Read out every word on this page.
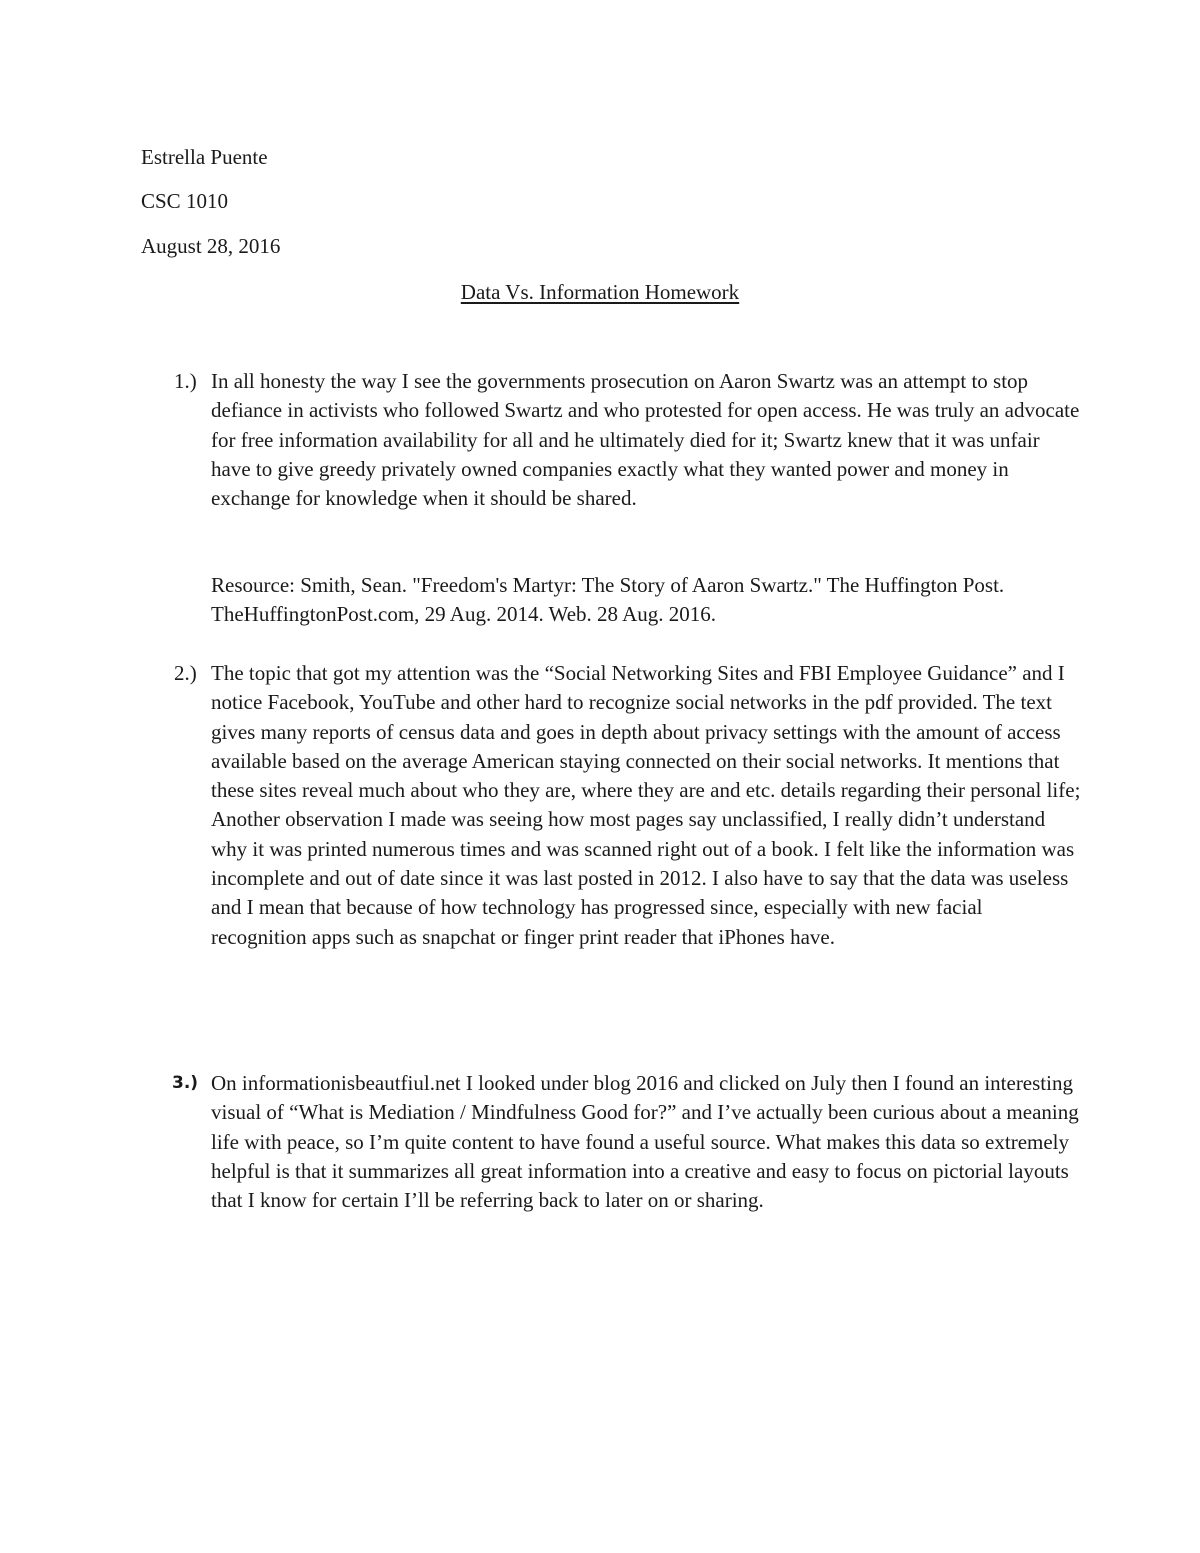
Estrella Puente
CSC 1010
August 28, 2016
Data Vs. Information Homework
1.) In all honesty the way I see the governments prosecution on Aaron Swartz was an attempt to stop defiance in activists who followed Swartz and who protested for open access. He was truly an advocate for free information availability for all and he ultimately died for it; Swartz knew that it was unfair have to give greedy privately owned companies exactly what they wanted power and money in exchange for knowledge when it should be shared.

Resource: Smith, Sean. "Freedom's Martyr: The Story of Aaron Swartz." The Huffington Post. TheHuffingtonPost.com, 29 Aug. 2014. Web. 28 Aug. 2016.

2.) The topic that got my attention was the “Social Networking Sites and FBI Employee Guidance” and I notice Facebook, YouTube and other hard to recognize social networks in the pdf provided. The text gives many reports of census data and goes in depth about privacy settings with the amount of access available based on the average American staying connected on their social networks. It mentions that these sites reveal much about who they are, where they are and etc. details regarding their personal life; Another observation I made was seeing how most pages say unclassified, I really didn’t understand why it was printed numerous times and was scanned right out of a book. I felt like the information was incomplete and out of date since it was last posted in 2012. I also have to say that the data was useless and I mean that because of how technology has progressed since, especially with new facial recognition apps such as snapchat or finger print reader that iPhones have.

3.) On informationisbeautfiul.net I looked under blog 2016 and clicked on July then I found an interesting visual of “What is Mediation / Mindfulness Good for?” and I’ve actually been curious about a meaning life with peace, so I’m quite content to have found a useful source. What makes this data so extremely helpful is that it summarizes all great information into a creative and easy to focus on pictorial layouts that I know for certain I’ll be referring back to later on or sharing.
